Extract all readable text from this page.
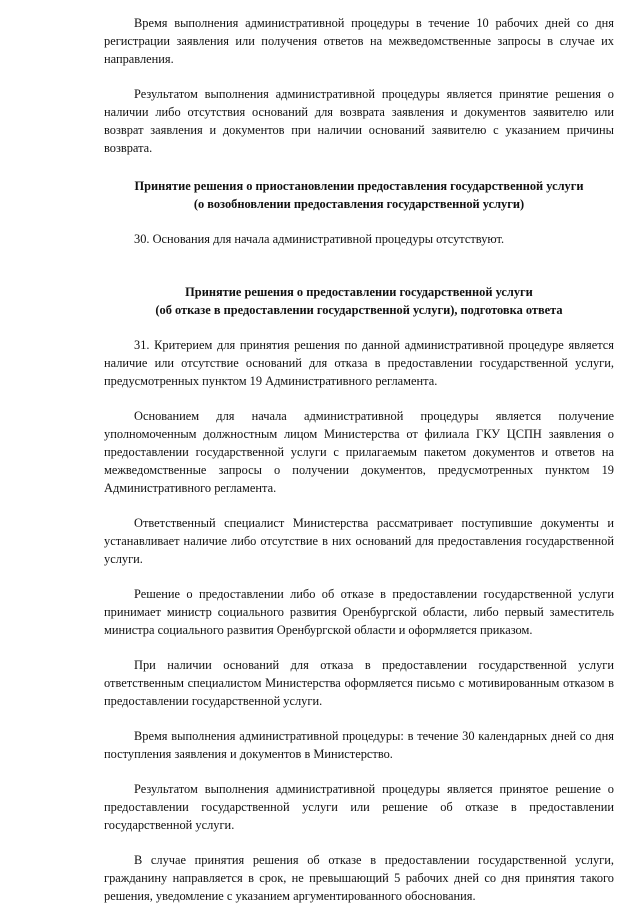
Время выполнения административной процедуры в течение 10 рабочих дней со дня регистрации заявления или получения ответов на межведомственные запросы в случае их направления.

Результатом выполнения административной процедуры является принятие решения о наличии либо отсутствия оснований для возврата заявления и документов заявителю или возврат заявления и документов при наличии оснований заявителю с указанием причины возврата.

Принятие решения о приостановлении предоставления государственной услуги

(о возобновлении предоставления государственной услуги)

30. Основания для начала административной процедуры отсутствуют.

Принятие решения о предоставлении государственной услуги

(об отказе в предоставлении государственной услуги), подготовка ответа

31. Критерием для принятия решения по данной административной процедуре является наличие или отсутствие оснований для отказа в предоставлении государственной услуги, предусмотренных пунктом 19 Административного регламента.

Основанием для начала административной процедуры является получение уполномоченным должностным лицом Министерства от филиала ГКУ ЦСПН заявления о предоставлении государственной услуги с прилагаемым пакетом документов и ответов на межведомственные запросы о получении документов, предусмотренных пунктом 19 Административного регламента.

Ответственный специалист Министерства рассматривает поступившие документы и устанавливает наличие либо отсутствие в них оснований для предоставления государственной услуги.

Решение о предоставлении либо об отказе в предоставлении государственной услуги принимает министр социального развития Оренбургской области, либо первый заместитель министра социального развития Оренбургской области и оформляется приказом.

При наличии оснований для отказа в предоставлении государственной услуги ответственным специалистом Министерства оформляется письмо с мотивированным отказом в предоставлении государственной услуги.

Время выполнения административной процедуры: в течение 30 календарных дней со дня поступления заявления и документов в Министерство.

Результатом выполнения административной процедуры является принятое решение о предоставлении государственной услуги или решение об отказе в предоставлении государственной услуги.

В случае принятия решения об отказе в предоставлении государственной услуги, гражданину направляется в срок, не превышающий 5 рабочих дней со дня принятия такого решения, уведомление с указанием аргументированного обоснования.
